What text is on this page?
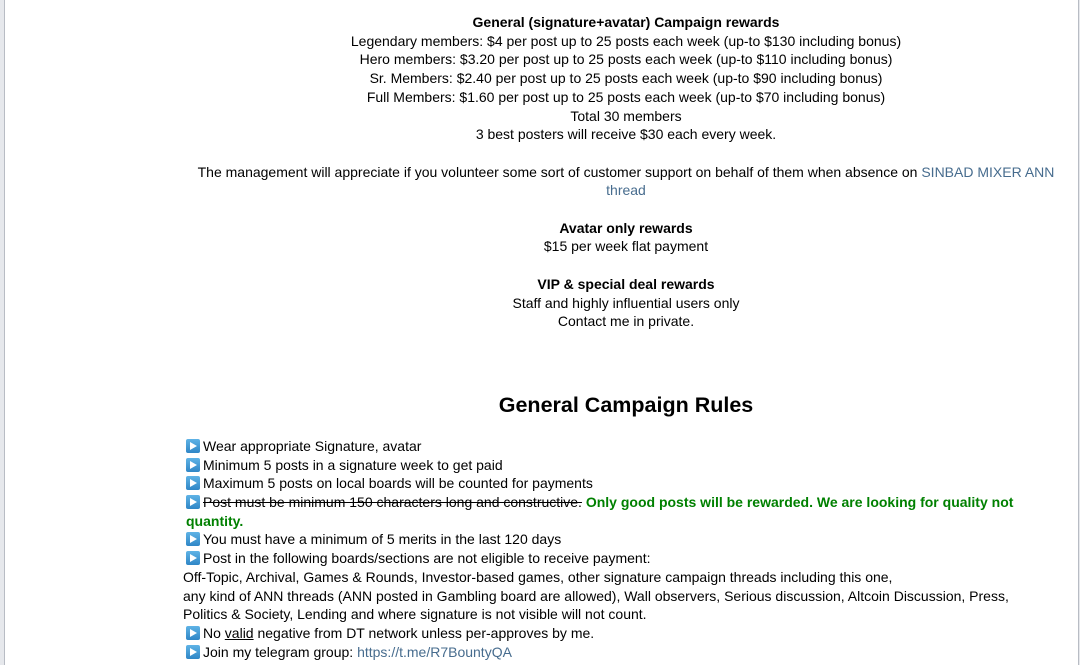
General (signature+avatar) Campaign rewards
Legendary members: $4 per post up to 25 posts each week (up-to $130 including bonus)
Hero members: $3.20 per post up to 25 posts each week (up-to $110 including bonus)
Sr. Members: $2.40 per post up to 25 posts each week (up-to $90 including bonus)
Full Members: $1.60 per post up to 25 posts each week (up-to $70 including bonus)
Total 30 members
3 best posters will receive $30 each every week.
The management will appreciate if you volunteer some sort of customer support on behalf of them when absence on SINBAD MIXER ANN thread
Avatar only rewards
$15 per week flat payment
VIP & special deal rewards
Staff and highly influential users only
Contact me in private.
General Campaign Rules
Wear appropriate Signature, avatar
Minimum 5 posts in a signature week to get paid
Maximum 5 posts on local boards will be counted for payments
Post must be minimum 150 characters long and constructive. Only good posts will be rewarded. We are looking for quality not
quantity.
You must have a minimum of 5 merits in the last 120 days
Post in the following boards/sections are not eligible to receive payment:
Off-Topic, Archival, Games & Rounds, Investor-based games, other signature campaign threads including this one,
any kind of ANN threads (ANN posted in Gambling board are allowed), Wall observers, Serious discussion, Altcoin Discussion, Press,
Politics & Society, Lending and where signature is not visible will not count.
No valid negative from DT network unless per-approves by me.
Join my telegram group: https://t.me/R7BountyQA
